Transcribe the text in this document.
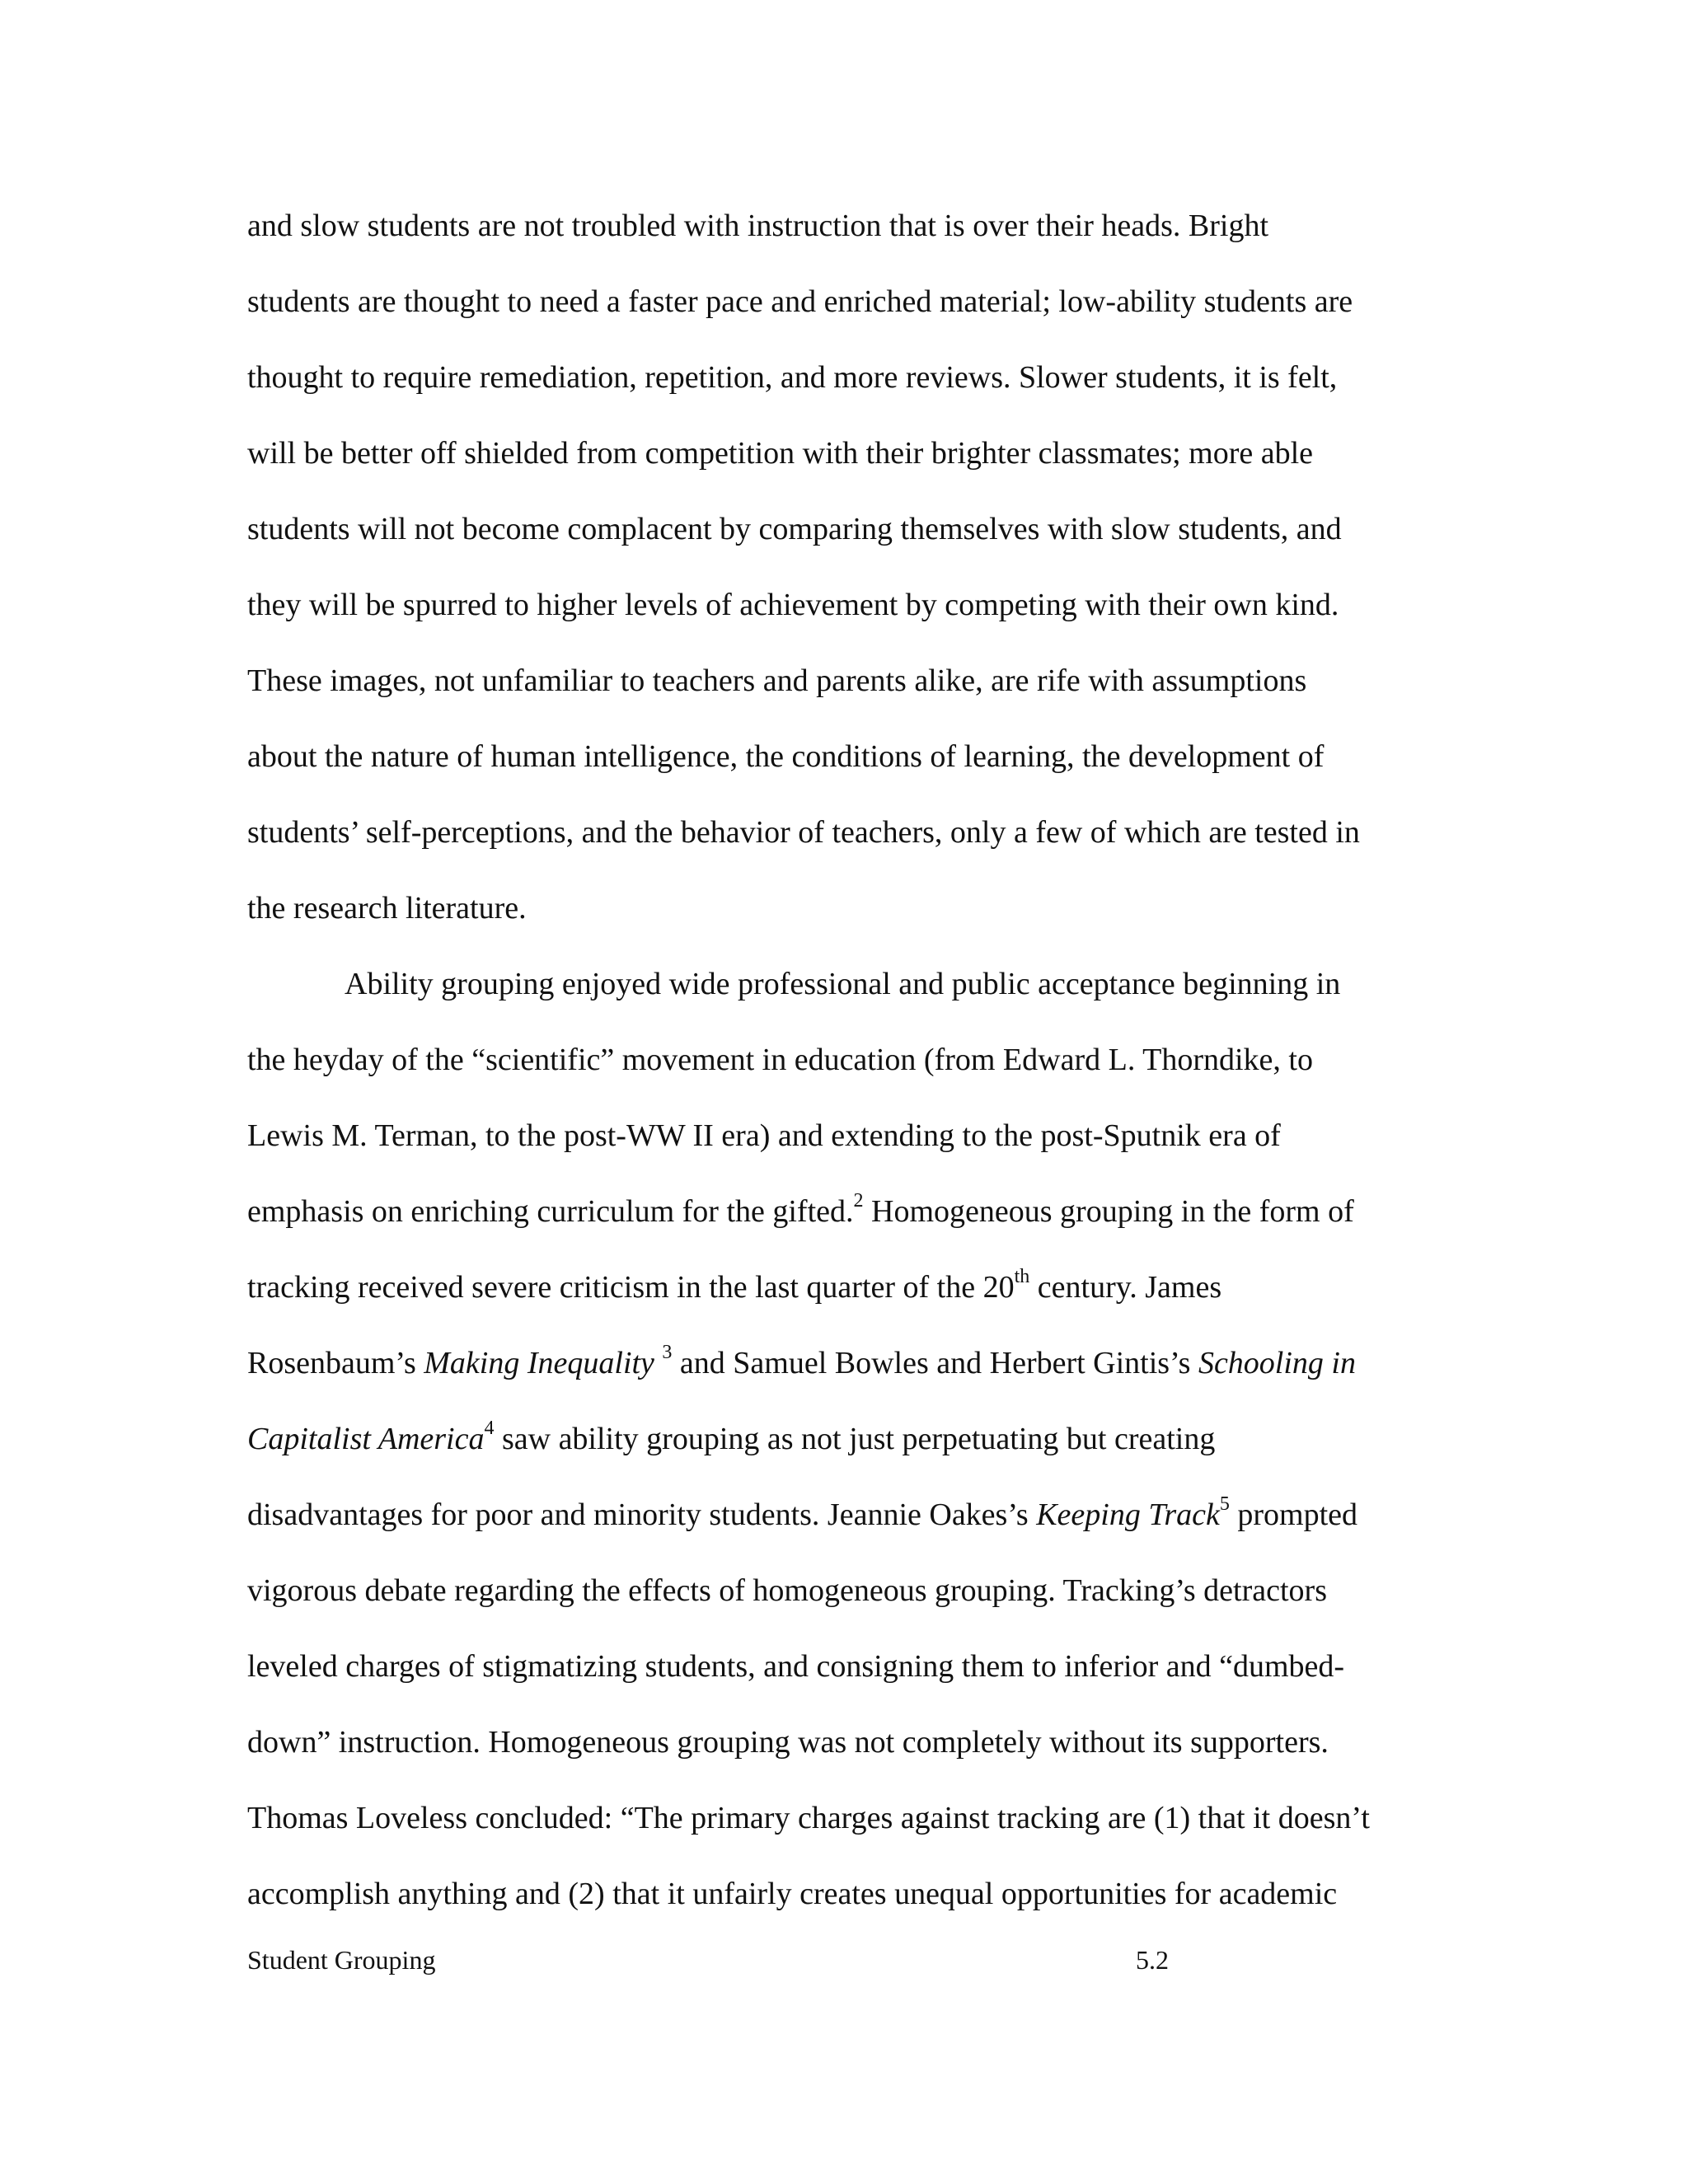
and slow students are not troubled with instruction that is over their heads. Bright
students are thought to need a faster pace and enriched material; low-ability students are
thought to require remediation, repetition, and more reviews. Slower students, it is felt,
will be better off shielded from competition with their brighter classmates; more able
students will not become complacent by comparing themselves with slow students, and
they will be spurred to higher levels of achievement by competing with their own kind.
These images, not unfamiliar to teachers and parents alike, are rife with assumptions
about the nature of human intelligence, the conditions of learning, the development of
students’ self-perceptions, and the behavior of teachers, only a few of which are tested in
the research literature.

Ability grouping enjoyed wide professional and public acceptance beginning in
the heyday of the “scientific” movement in education (from Edward L. Thorndike, to
Lewis M. Terman, to the post-WW II era) and extending to the post-Sputnik era of
emphasis on enriching curriculum for the gifted.$^2$ Homogeneous grouping in the form of
tracking received severe criticism in the last quarter of the 20th century. James
Rosenbaum’s Making Inequality $^3$ and Samuel Bowles and Herbert Gintis’s Schooling in
Capitalist America$^4$ saw ability grouping as not just perpetuating but creating
disadvantages for poor and minority students. Jeannie Oakes’s Keeping Track$^5$ prompted
vigorous debate regarding the effects of homogeneous grouping. Tracking’s detractors
leveled charges of stigmatizing students, and consigning them to inferior and “dumbed-
down” instruction. Homogeneous grouping was not completely without its supporters.
Thomas Loveless concluded: “The primary charges against tracking are (1) that it doesn’t
accomplish anything and (2) that it unfairly creates unequal opportunities for academic

Student Grouping	5.2
